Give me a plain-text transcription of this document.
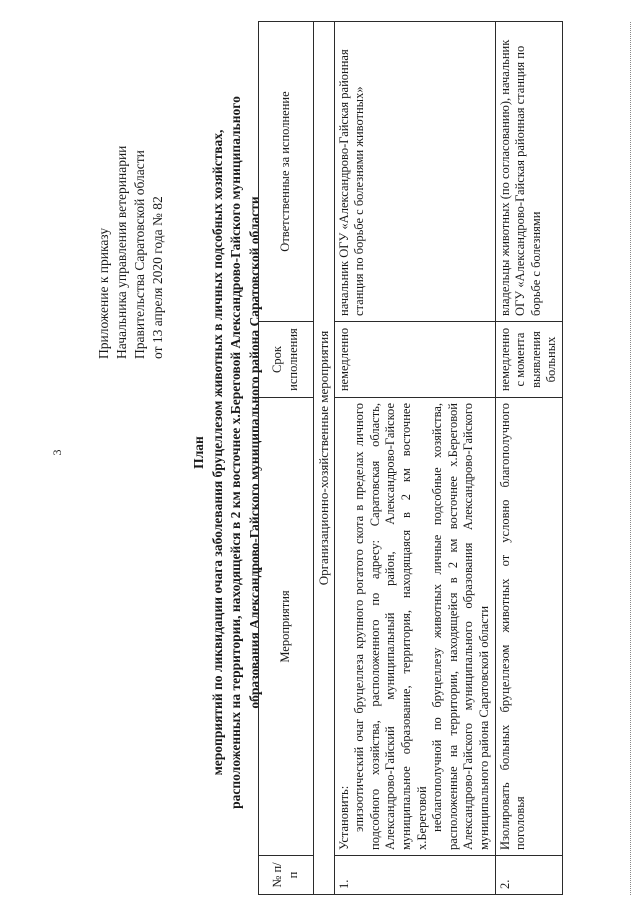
3
Приложение к приказу Начальника управления ветеринарии Правительства Саратовской области от 13 апреля 2020 года № 82
План мероприятий по ликвидации очага заболевания бруцеллезом животных в личных подсобных хозяйствах, расположенных на территории, находящейся в 2 км восточнее х.Береговой Александрово-Гайского муниципального образования Александрово-Гайского муниципального района Саратовской области
№ п/п	Мероприятия	Срок исполнения	Ответственные за исполнение
Организационно-хозяйственные мероприятия			
1.	Установить: эпизоотический очаг бруцеллеза крупного рогатого скота в пределах личного подсобного хозяйства, расположенного по адресу: Саратовская область, Александрово-Гайский муниципальный район, Александрово-Гайское муниципальное образование, территория, находящаяся в 2 км восточнее х.Береговой неблагополучной по бруцеллезу животных личные подсобные хозяйства, расположенные на территории, находящейся в 2 км восточнее х.Береговой Александрово-Гайского муниципального образования Александрово-Гайского муниципального района Саратовской области	немедленно	начальник ОГУ «Александрово-Гайская районная станция по борьбе с болезнями животных»
2.	Изолировать больных бруцеллезом животных от условно благополучного поголовья	немедленно с момента выявления больных	владельцы животных (по согласованию), начальник ОГУ «Александрово-Гайская районная станция по борьбе с болезнями
